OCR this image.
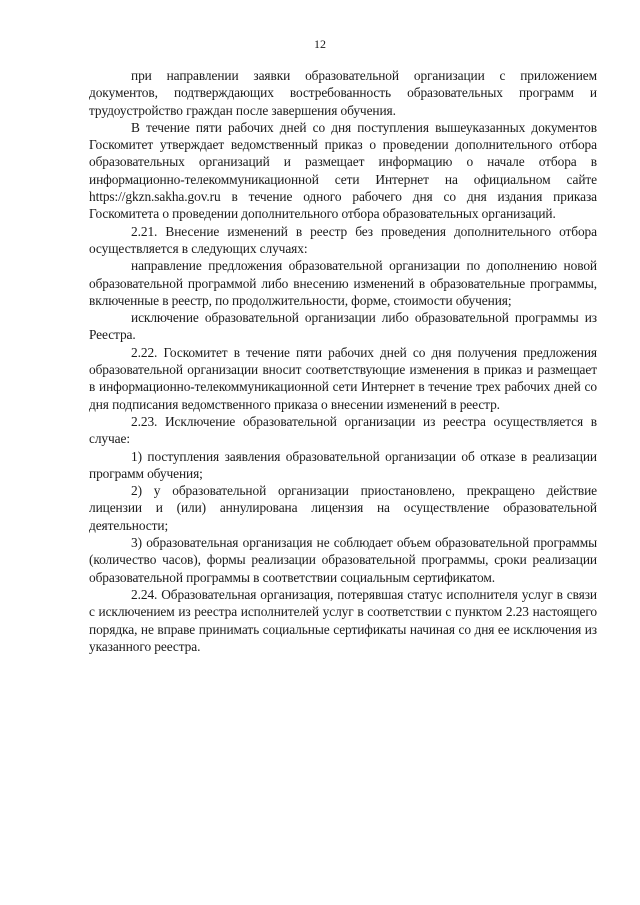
12

при направлении заявки образовательной организации с приложением документов, подтверждающих востребованность образовательных программ и трудоустройство граждан после завершения обучения.

В течение пяти рабочих дней со дня поступления вышеуказанных документов Госкомитет утверждает ведомственный приказ о проведении дополнительного отбора образовательных организаций и размещает информацию о начале отбора в информационно-телекоммуникационной сети Интернет на официальном сайте https://gkzn.sakha.gov.ru в течение одного рабочего дня со дня издания приказа Госкомитета о проведении дополнительного отбора образовательных организаций.

2.21. Внесение изменений в реестр без проведения дополнительного отбора осуществляется в следующих случаях:

направление предложения образовательной организации по дополнению новой образовательной программой либо внесению изменений в образовательные программы, включенные в реестр, по продолжительности, форме, стоимости обучения;

исключение образовательной организации либо образовательной программы из Реестра.

2.22. Госкомитет в течение пяти рабочих дней со дня получения предложения образовательной организации вносит соответствующие изменения в приказ и размещает в информационно-телекоммуникационной сети Интернет в течение трех рабочих дней со дня подписания ведомственного приказа о внесении изменений в реестр.

2.23. Исключение образовательной организации из реестра осуществляется в случае:

1) поступления заявления образовательной организации об отказе в реализации программ обучения;

2) у образовательной организации приостановлено, прекращено действие лицензии и (или) аннулирована лицензия на осуществление образовательной деятельности;

3) образовательная организация не соблюдает объем образовательной программы (количество часов), формы реализации образовательной программы, сроки реализации образовательной программы в соответствии социальным сертификатом.

2.24. Образовательная организация, потерявшая статус исполнителя услуг в связи с исключением из реестра исполнителей услуг в соответствии с пунктом 2.23 настоящего порядка, не вправе принимать социальные сертификаты начиная со дня ее исключения из указанного реестра.
